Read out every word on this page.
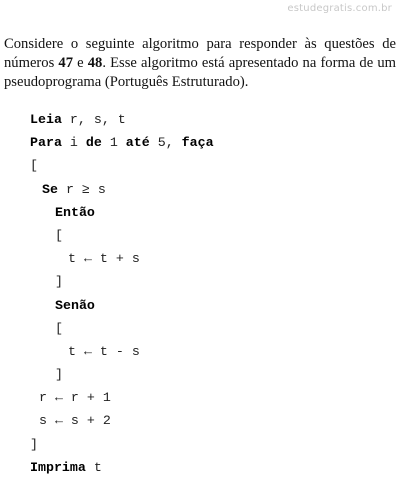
estudegratis.com.br

Considere o seguinte algoritmo para responder às questões de números 47 e 48. Esse algoritmo está apresentado na forma de um pseudoprograma (Português Estruturado).

Leia r, s, t
Para i de 1 até 5, faça
[
Se r ≥ s
Então
[
t ← t + s
]
Senão
[
t ← t - s
]
r ← r + 1
s ← s + 2
]
Imprima t
